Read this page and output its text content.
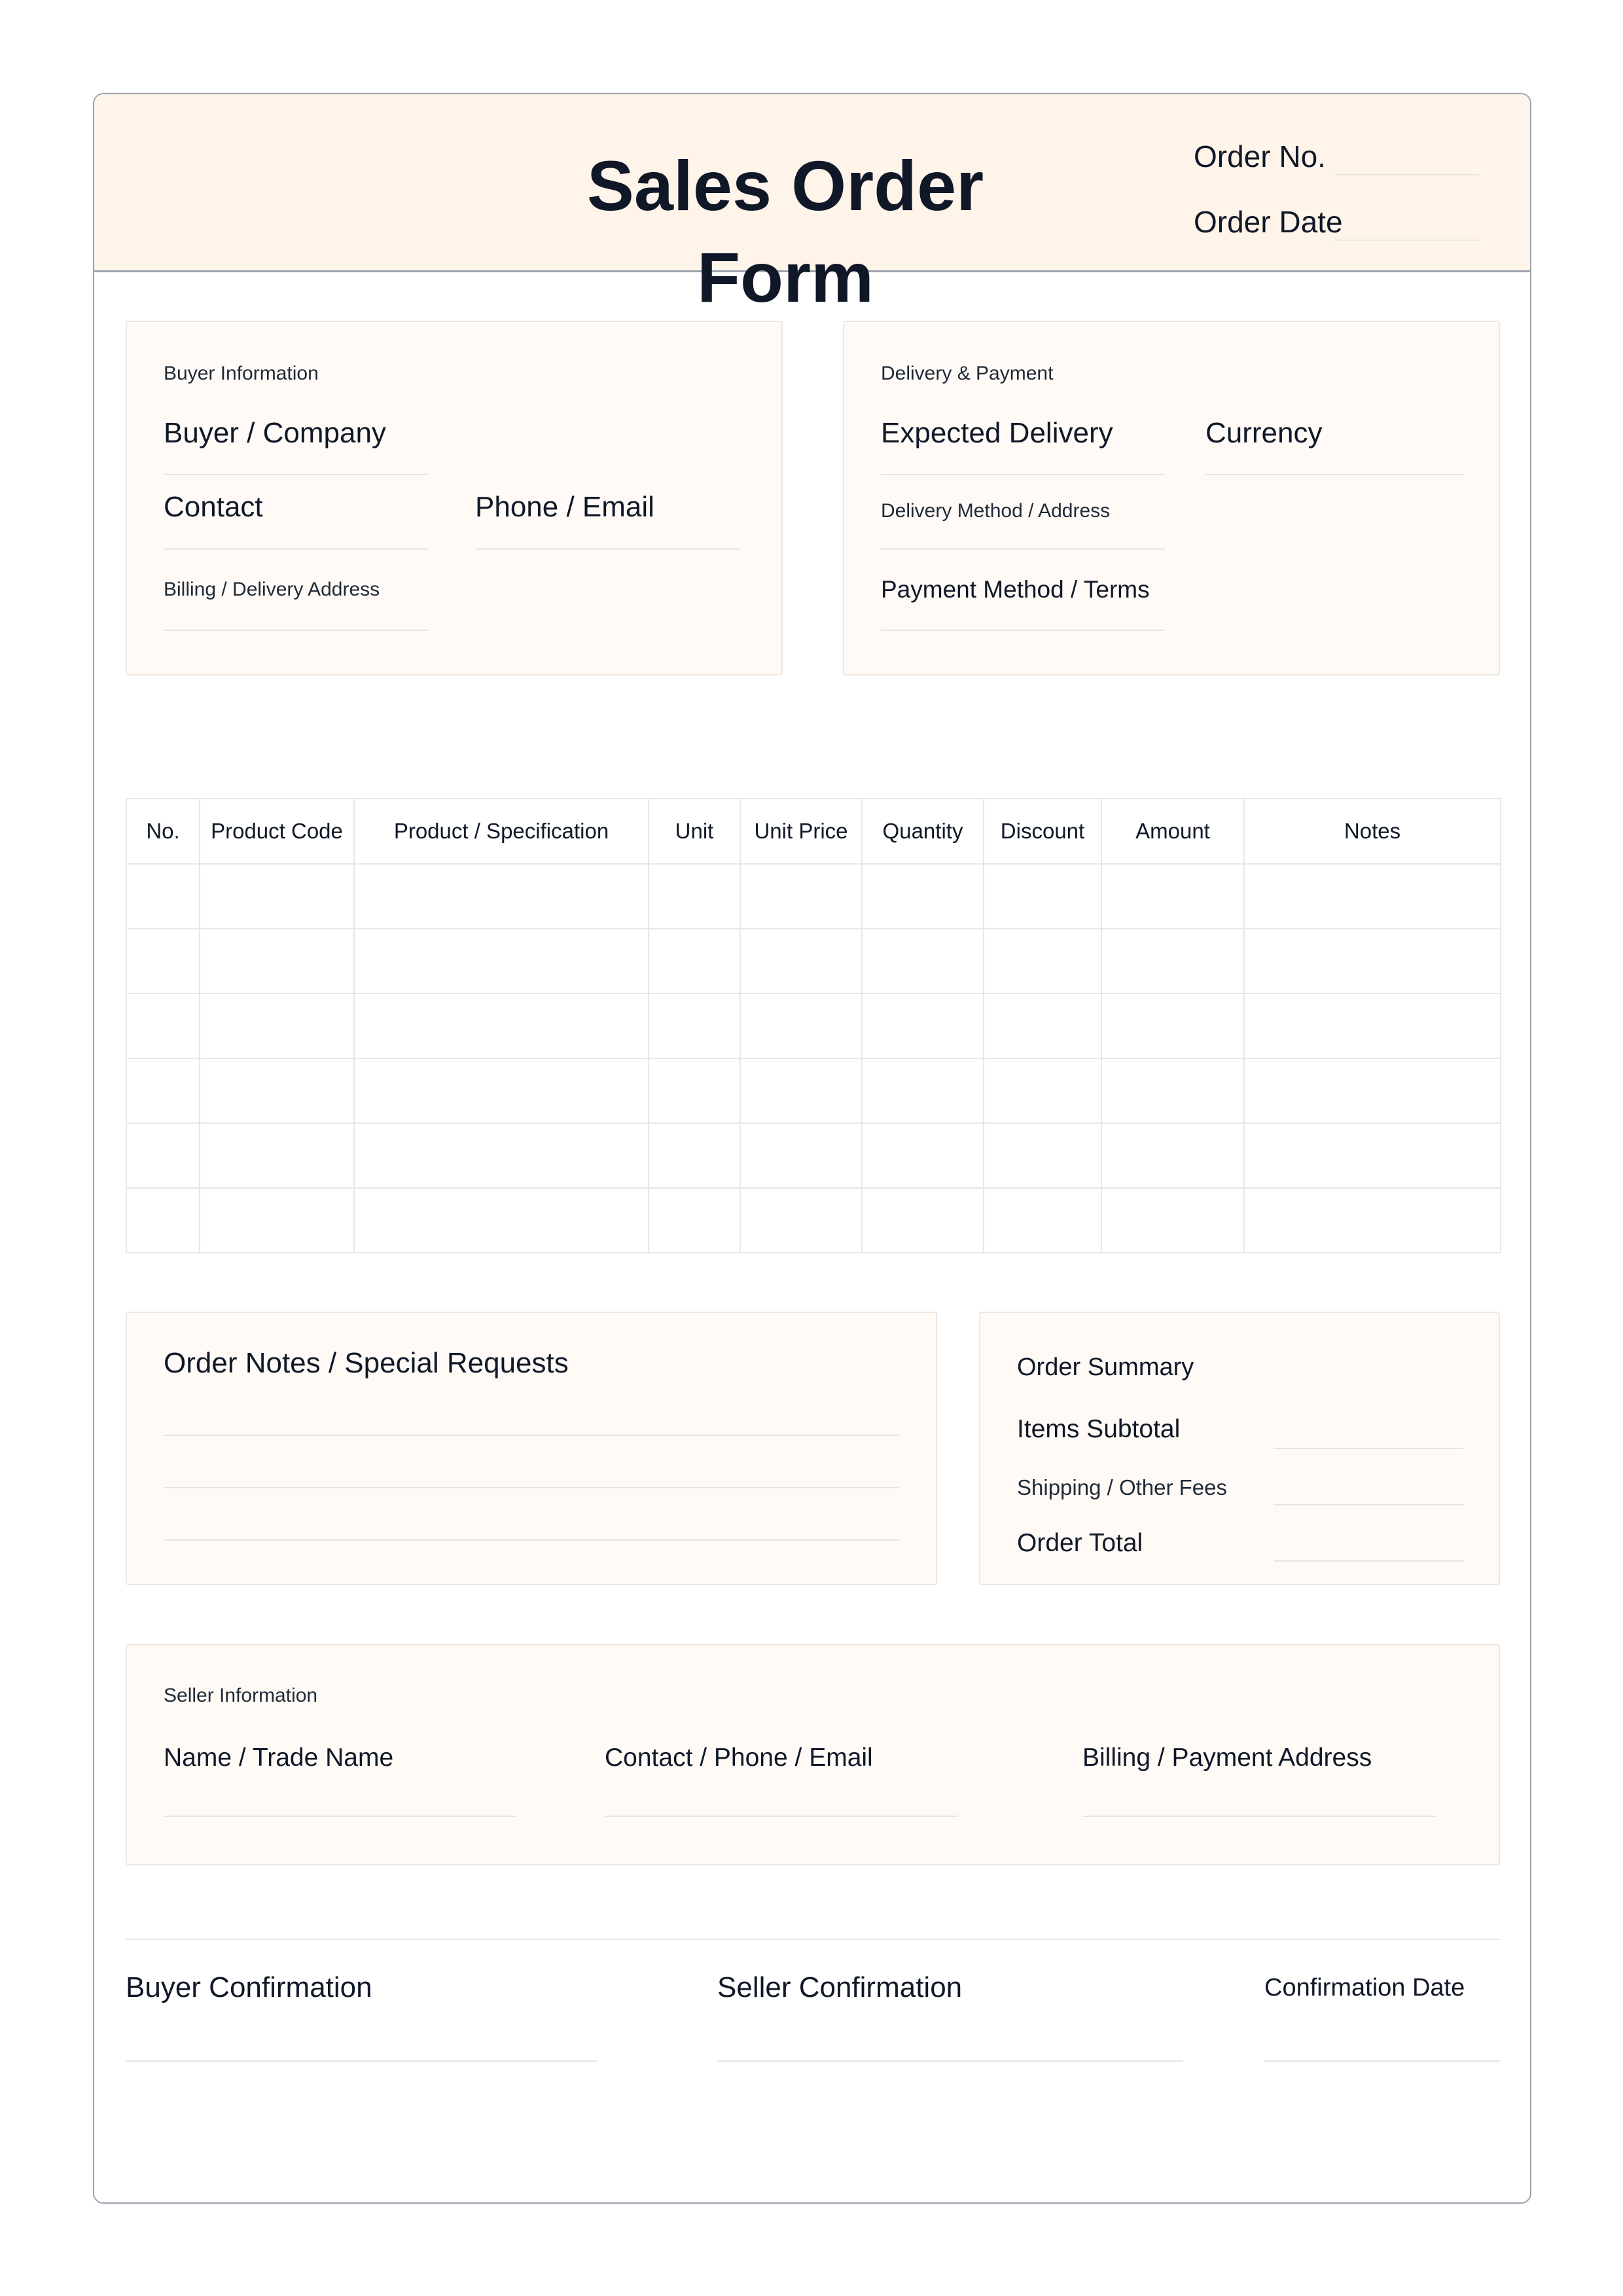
Sales Order Form
Order No.
Order Date
Buyer Information
Buyer / Company
Contact	Phone / Email
Billing / Delivery Address
Delivery & Payment
Expected Delivery	Currency
Delivery Method / Address
Payment Method / Terms
No.	Product Code	Product / Specification	Unit	Unit Price	Quantity	Discount	Amount	Notes

Order Notes / Special Requests	Order Summary
Items Subtotal
Shipping / Other Fees
Order Total
Seller Information
Name / Trade Name	Contact / Phone / Email	Billing / Payment Address
Buyer Confirmation	Seller Confirmation	Confirmation Date
